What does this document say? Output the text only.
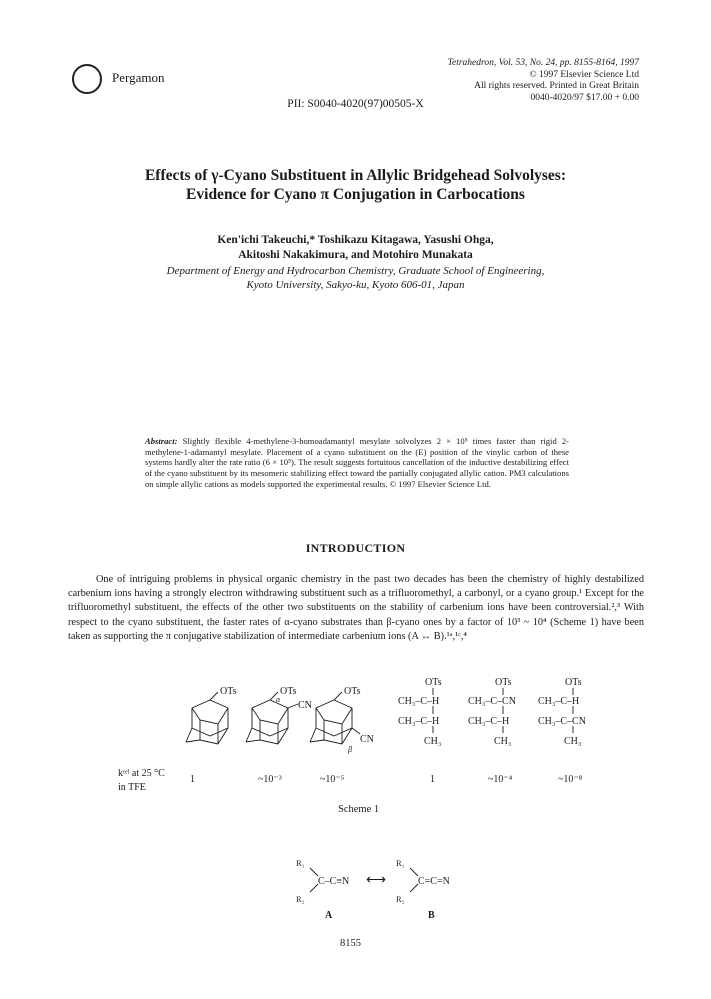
Pergamon
Tetrahedron, Vol. 53, No. 24, pp. 8155-8164, 1997
© 1997 Elsevier Science Ltd
All rights reserved. Printed in Great Britain
0040-4020/97 $17.00 + 0.00
PII: S0040-4020(97)00505-X
Effects of γ-Cyano Substituent in Allylic Bridgehead Solvolyses:
Evidence for Cyano π Conjugation in Carbocations
Ken'ichi Takeuchi,* Toshikazu Kitagawa, Yasushi Ohga,
Akitoshi Nakakimura, and Motohiro Munakata
Department of Energy and Hydrocarbon Chemistry, Graduate School of Engineering,
Kyoto University, Sakyo-ku, Kyoto 606-01, Japan
Abstract: Slightly flexible 4-methylene-3-homoadamantyl mesylate solvolyzes 2 × 10⁵ times faster than rigid 2-methylene-1-adamantyl mesylate. Placement of a cyano substituent on the (E) position of the vinylic carbon of these systems hardly alter the rate ratio (6 × 10⁵). The result suggests fortuitous cancellation of the inductive destabilizing effect of the cyano substituent by its mesomeric stabilizing effect toward the partially conjugated allylic cation. PM3 calculations on simple allylic cations as models supported the experimental results. © 1997 Elsevier Science Ltd.
INTRODUCTION

One of intriguing problems in physical organic chemistry in the past two decades has been the chemistry of highly destabilized carbenium ions having a strongly electron withdrawing substituent such as a trifluoromethyl, a carbonyl, or a cyano group.¹ Except for the trifluoromethyl substituent, the effects of the other two substituents on the stability of carbenium ions have been controversial.²,³ With respect to the cyano substituent, the faster rates of α-cyano substrates than β-cyano ones by a factor of 10³ ~ 10⁴ (Scheme 1) have been taken as supporting the π conjugative stabilization of intermediate carbenium ions (A ↔ B).¹ᵃ,¹ᶜ,⁴

OTs	OTs
α
CN
OTs
CN
β
OTs
CH₃–C–H
CH₃–C–H
CH₃
OTs
CH₃–C–CN
CH₃–C–H
CH₃
OTs
CH₃–C–H
CH₃–C–CN
CH₃
kʳᵉˡ at 25 °C
in TFE
1	~10⁻³	~10⁻⁵	1	~10⁻⁴	~10⁻⁸
Scheme 1
R₁
R₂
C–C≡N ⟷
R₁
R₂
C=C=N
A	B
8155
